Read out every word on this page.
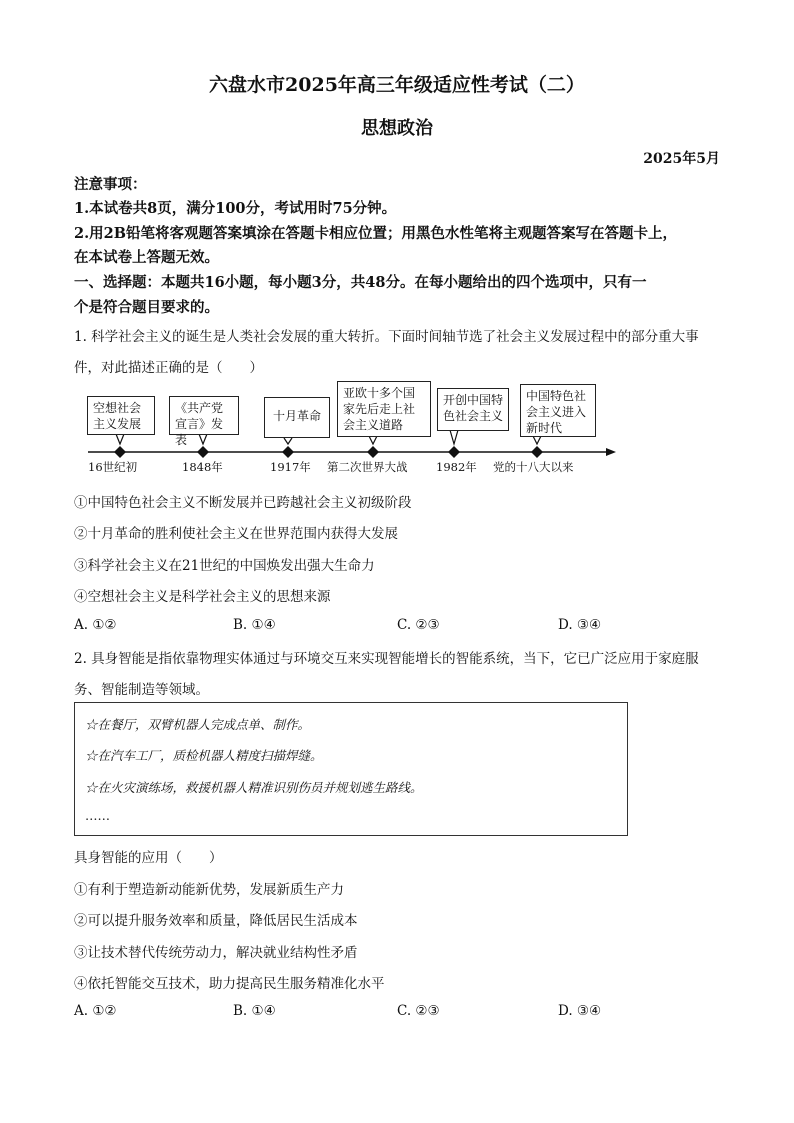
六盘水市2025年高三年级适应性考试（二）
思想政治
2025年5月
注意事项：
1.本试卷共8页，满分100分，考试用时75分钟。
2.用2B铅笔将客观题答案填涂在答题卡相应位置；用黑色水性笔将主观题答案写在答题卡上，
在本试卷上答题无效。
一、选择题：本题共16小题，每小题3分，共48分。在每小题给出的四个选项中，只有一
个是符合题目要求的。
1. 科学社会主义的诞生是人类社会发展的重大转折。下面时间轴节选了社会主义发展过程中的部分重大事
件，对此描述正确的是（　　）
空想社会主义发展
《共产党宣言》发表
十月革命
亚欧十多个国家先后走上社会主义道路
开创中国特色社会主义
中国特色社会主义进入新时代
16世纪初	1848年	1917年 第二次世界大战 1982年 党的十八大以来
①中国特色社会主义不断发展并已跨越社会主义初级阶段
②十月革命的胜利使社会主义在世界范围内获得大发展
③科学社会主义在21世纪的中国焕发出强大生命力
④空想社会主义是科学社会主义的思想来源
A. ①②	B. ①④	C. ②③	D. ③④
2. 具身智能是指依靠物理实体通过与环境交互来实现智能增长的智能系统，当下，它已广泛应用于家庭服
务、智能制造等领域。
☆在餐厅，双臂机器人完成点单、制作。
☆在汽车工厂，质检机器人精度扫描焊缝。
☆在火灾演练场，救援机器人精准识别伤员并规划逃生路线。
……
具身智能的应用（　　）
①有利于塑造新动能新优势，发展新质生产力
②可以提升服务效率和质量，降低居民生活成本
③让技术替代传统劳动力，解决就业结构性矛盾
④依托智能交互技术，助力提高民生服务精准化水平
A. ①②	B. ①④	C. ②③	D. ③④
